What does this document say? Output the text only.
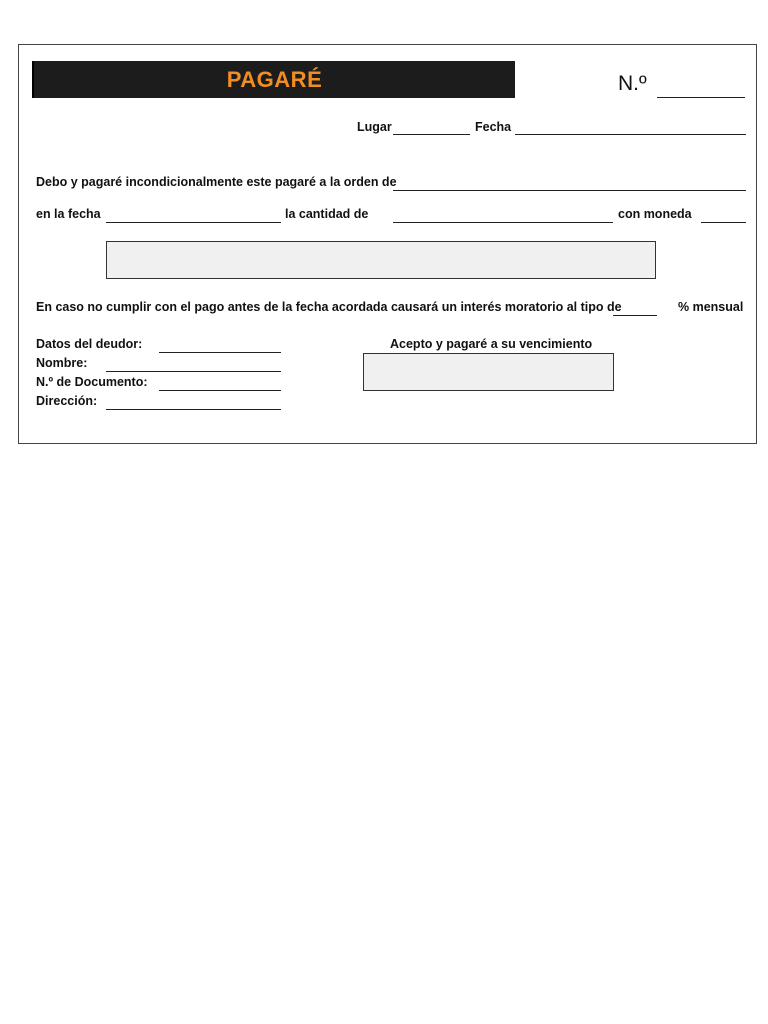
PAGARÉ	N.º
Lugar	Fecha
Debo y pagaré incondicionalmente este pagaré a la orden de
en la fecha	la cantidad de	con moneda
En caso no cumplir con el pago antes de la fecha acordada causará un interés moratorio al tipo de	% mensual
Datos del deudor:
Nombre:
N.º de Documento:
Dirección:
Acepto y pagaré a su vencimiento
